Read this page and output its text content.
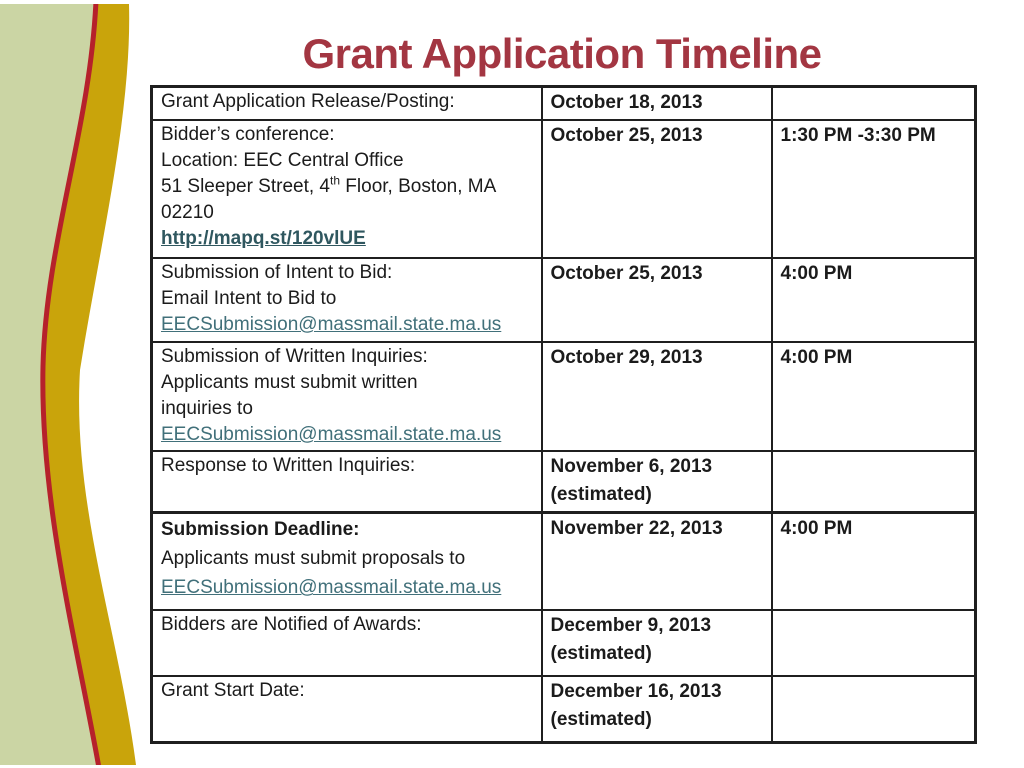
Grant Application Timeline
Grant Application Release/Posting:	October 18, 2013	

Bidder’s conference:
Location: EEC Central Office
51 Sleeper Street, 4th Floor, Boston, MA
02210
http://mapq.st/120vlUE	October 25, 2013	1:30 PM -3:30 PM

Submission of Intent to Bid:
Email Intent to Bid to
EECSubmission@massmail.state.ma.us	October 25, 2013	4:00 PM

Submission of Written Inquiries:
Applicants must submit written
inquiries to
EECSubmission@massmail.state.ma.us	October 29, 2013	4:00 PM

Response to Written Inquiries:	November 6, 2013
(estimated)	

Submission Deadline:
Applicants must submit proposals to
EECSubmission@massmail.state.ma.us	November 22, 2013	4:00 PM

Bidders are Notified of Awards:	December 9, 2013
(estimated)	

Grant Start Date:	December 16, 2013
(estimated)	
